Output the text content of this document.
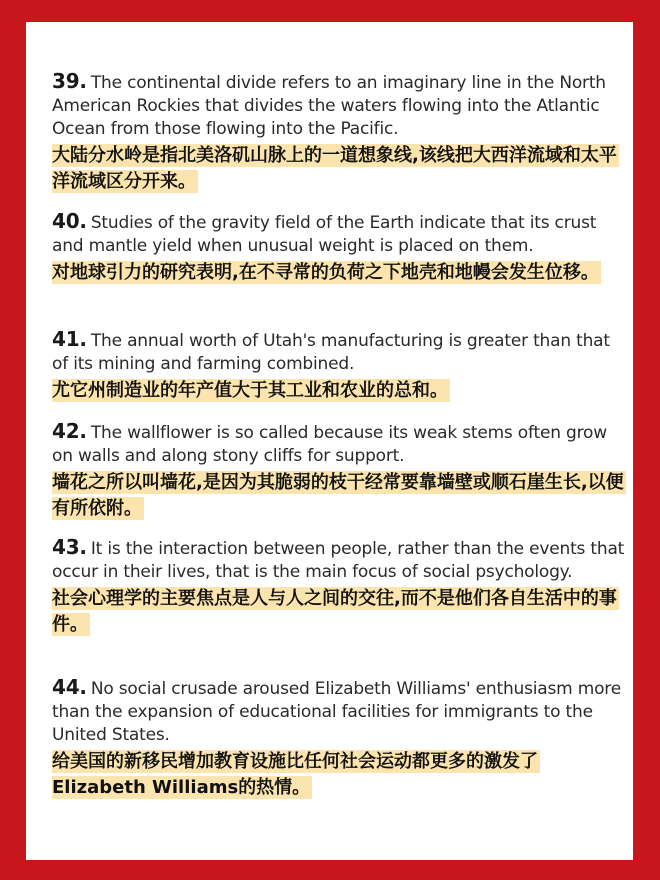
39. The continental divide refers to an imaginary line in the North American Rockies that divides the waters flowing into the Atlantic Ocean from those flowing into the Pacific.
大陆分水岭是指北美洛矶山脉上的一道想象线,该线把大西洋流域和太平洋流域区分开来。
40. Studies of the gravity field of the Earth indicate that its crust and mantle yield when unusual weight is placed on them.
对地球引力的研究表明,在不寻常的负荷之下地壳和地幔会发生位移。
41. The annual worth of Utah's manufacturing is greater than that of its mining and farming combined.
尤它州制造业的年产值大于其工业和农业的总和。
42. The wallflower is so called because its weak stems often grow on walls and along stony cliffs for support.
墙花之所以叫墙花,是因为其脆弱的枝干经常要靠墙壁或顺石崖生长,以便有所依附。
43. It is the interaction between people, rather than the events that occur in their lives, that is the main focus of social psychology.
社会心理学的主要焦点是人与人之间的交往,而不是他们各自生活中的事件。
44. No social crusade aroused Elizabeth Williams' enthusiasm more than the expansion of educational facilities for immigrants to the United States.
给美国的新移民增加教育设施比任何社会运动都更多的激发了Elizabeth Williams的热情。
